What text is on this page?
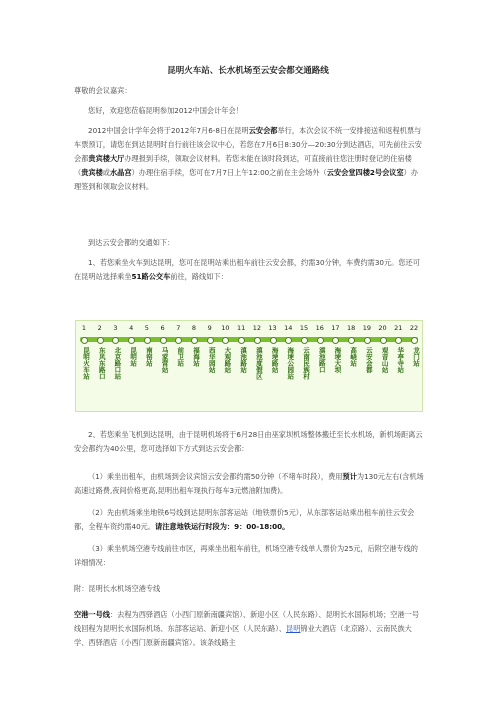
昆明火车站、长水机场至云安会都交通路线
尊敬的会议嘉宾：
您好，欢迎您莅临昆明参加2012中国会计年会！
2012中国会计学年会将于2012年7月6-8日在昆明云安会都举行，本次会议不统一安排接送和返程机票与车票预订，请您在到达昆明时自行前往该会议中心，若您在7月6日8:30分—20:30分到达酒店，可先前往云安会都贵宾楼大厅办理报到手续，领取会议材料。若您未能在该时段到达，可直接前往您注册时登记的住宿楼（贵宾楼或水晶宫）办理住宿手续，您可在7月7日上午12:00之前在主会场外（云安会堂四楼2号会议室）办理签到和领取会议材料。
到达云安会都的交通如下：
1、若您乘坐火车到达昆明，您可在昆明站乘出租车前往云安会都，约需30分钟，车费约需30元。您还可在昆明站选择乘坐51路公交车前往，路线如下：
1
昆明火车站
2
东风东路口
3
北京路口站
4
昆明站
5
南窑站
6
马家营站
7
前卫站
8
福海站
9
西华园站
10
大观路站
11
滇池路站
12
滇池度假区
13
海埂路站
14
海埂公园站
15
云南民族村
16
滇池路口
17
海埂大坝
18
高峣站
19
云安会都
20
观音山站
21
华亭寺站
22
龙门站
2、若您乘坐飞机到达昆明，由于昆明机场将于6月28日由巫家坝机场整体搬迁至长水机场，新机场距离云安会都约为40公里，您可选择如下方式到达云安会都：
（1）乘坐出租车，由机场到会议宾馆云安会都约需50分钟（不堵车时段），费用预计为130元左右(含机场高速过路费,夜间价格更高,昆明出租车现执行每车3元燃油附加费)。
（2）先由机场乘坐地铁6号线到达昆明东部客运站（地铁票价5元），从东部客运站乘出租车前往云安会都，全程车资约需40元。请注意地铁运行时段为：9：00-18:00。
（3）乘坐机场空港专线前往市区，再乘坐出租车前往，机场空港专线单人票价为25元，后附空港专线的详细情况：
附：昆明长水机场空港专线
空港一号线：去程为西驿酒店（小西门原新南疆宾馆）、新迎小区（人民东路）、昆明长水国际机场；空港一号线回程为昆明长水国际机场、东部客运站、新迎小区（人民东路）、昆明锦业大酒店（北京路）、云南民族大学、西驿酒店（小西门原新南疆宾馆）。该条线路主
